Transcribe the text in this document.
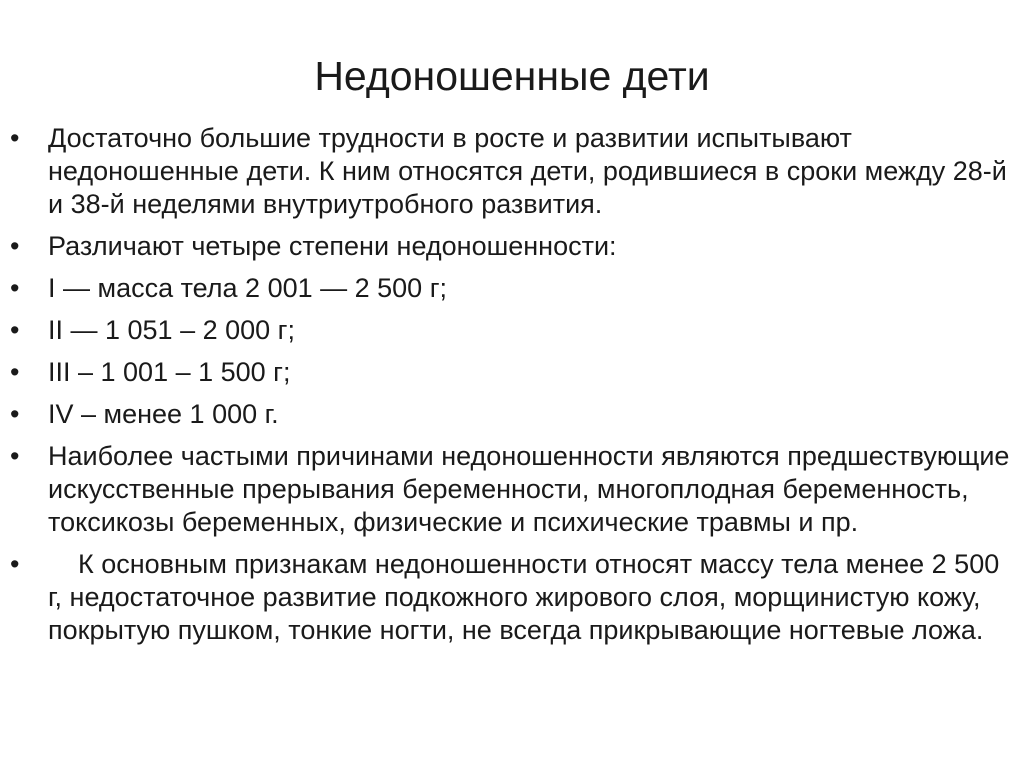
Недоношенные дети
•	Достаточно большие трудности в росте и развитии испытывают недоношенные дети. К ним относятся дети, родившиеся в сроки между 28-й и 38-й неделями внутриутробного развития.
•	Различают четыре степени недоношенности:
•	I — масса тела 2 001 — 2 500 г;
•	II — 1 051 – 2 000 г;
•	III – 1 001 – 1 500 г;
•	IV – менее 1 000 г.
•	Наиболее частыми причинами недоношенности являются предшествующие искусственные прерывания беременности, многоплодная беременность, токсикозы беременных, физические и психические травмы и пр.
•	К основным признакам недоношенности относят массу тела менее 2 500 г, недостаточное развитие подкожного жирового слоя, морщинистую кожу, покрытую пушком, тонкие ногти, не всегда прикрывающие ногтевые ложа.
